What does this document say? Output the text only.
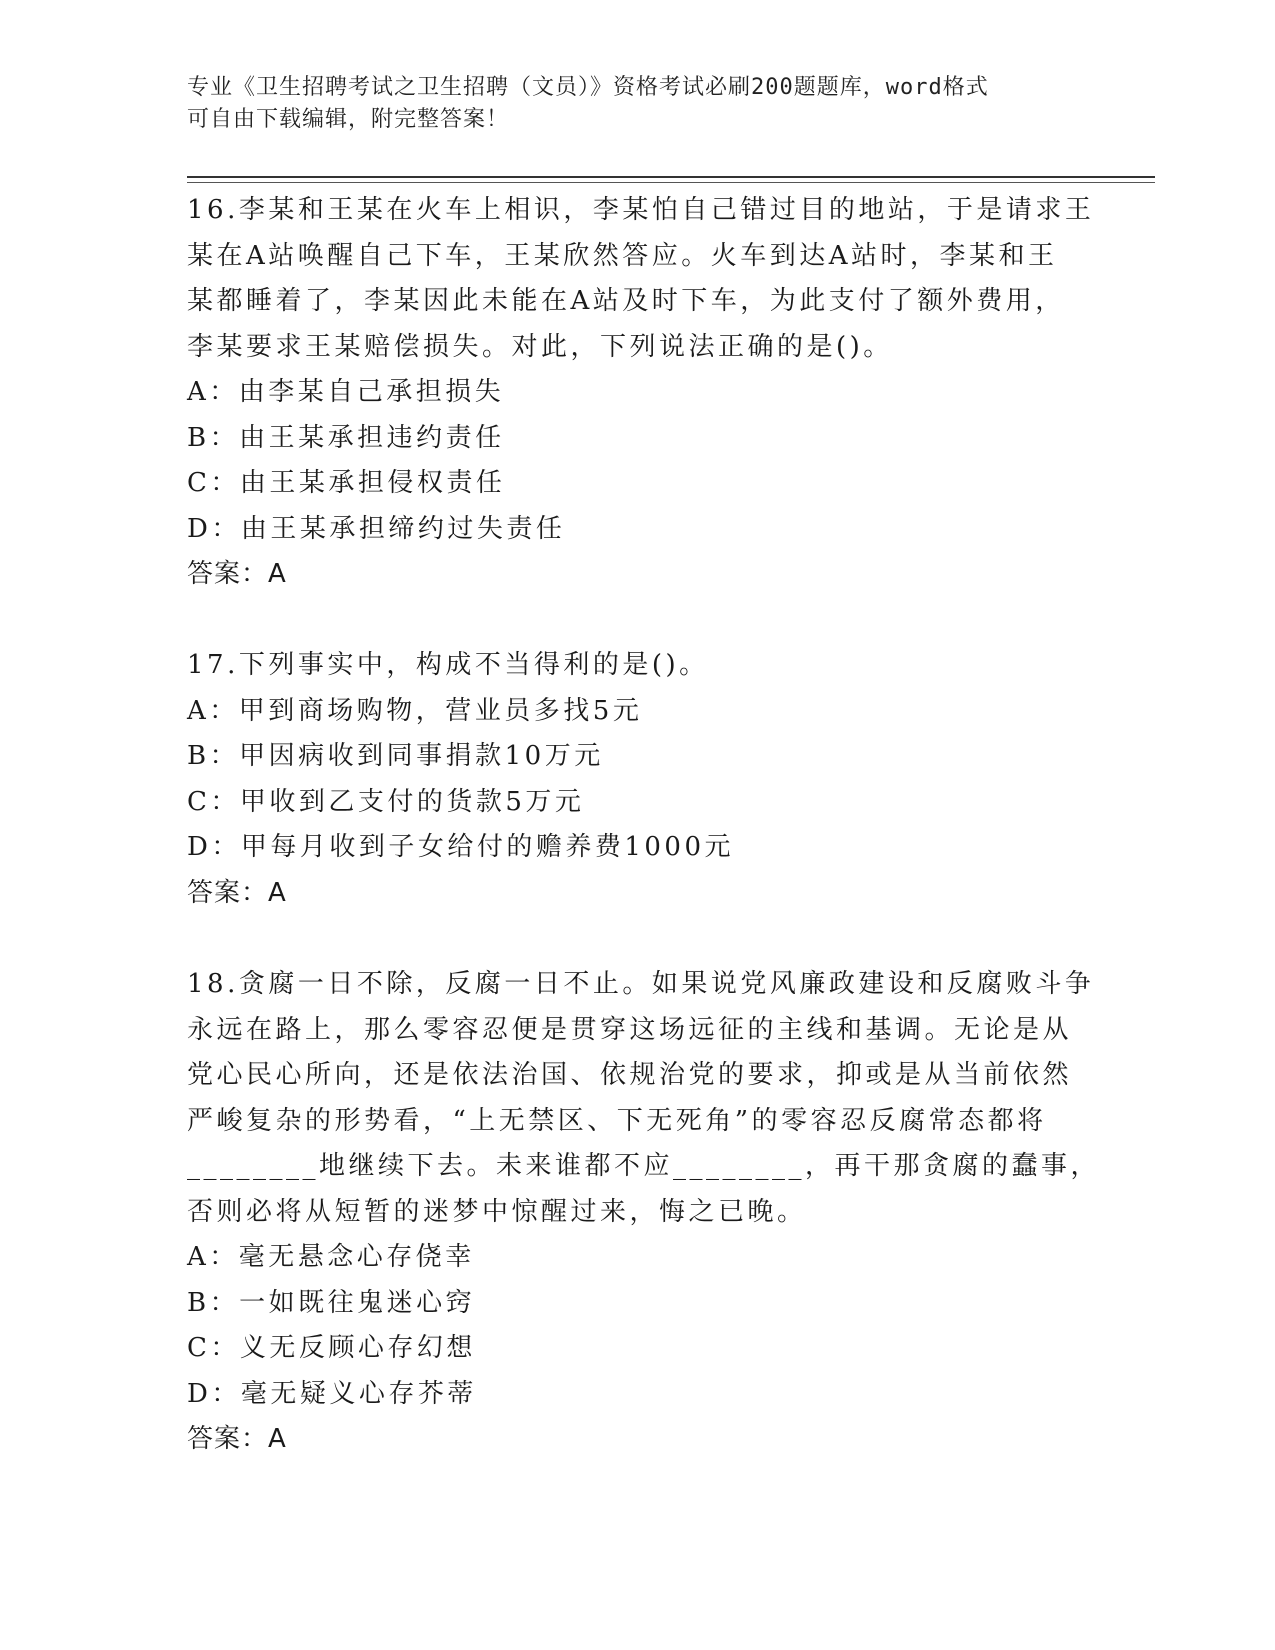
专业《卫生招聘考试之卫生招聘（文员）》资格考试必刷200题题库，word格式
可自由下载编辑，附完整答案！
16.李某和王某在火车上相识，李某怕自己错过目的地站，于是请求王
某在A站唤醒自己下车，王某欣然答应。火车到达A站时，李某和王
某都睡着了，李某因此未能在A站及时下车，为此支付了额外费用，
李某要求王某赔偿损失。对此，下列说法正确的是()。
A：由李某自己承担损失
B：由王某承担违约责任
C：由王某承担侵权责任
D：由王某承担缔约过失责任
答案：A
17.下列事实中，构成不当得利的是()。
A：甲到商场购物，营业员多找5元
B：甲因病收到同事捐款10万元
C：甲收到乙支付的货款5万元
D：甲每月收到子女给付的赡养费1000元
答案：A
18.贪腐一日不除，反腐一日不止。如果说党风廉政建设和反腐败斗争
永远在路上，那么零容忍便是贯穿这场远征的主线和基调。无论是从
党心民心所向，还是依法治国、依规治党的要求，抑或是从当前依然
严峻复杂的形势看，“上无禁区、下无死角”的零容忍反腐常态都将
________地继续下去。未来谁都不应________，再干那贪腐的蠢事，
否则必将从短暂的迷梦中惊醒过来，悔之已晚。
A：毫无悬念心存侥幸
B：一如既往鬼迷心窍
C：义无反顾心存幻想
D：毫无疑义心存芥蒂
答案：A
